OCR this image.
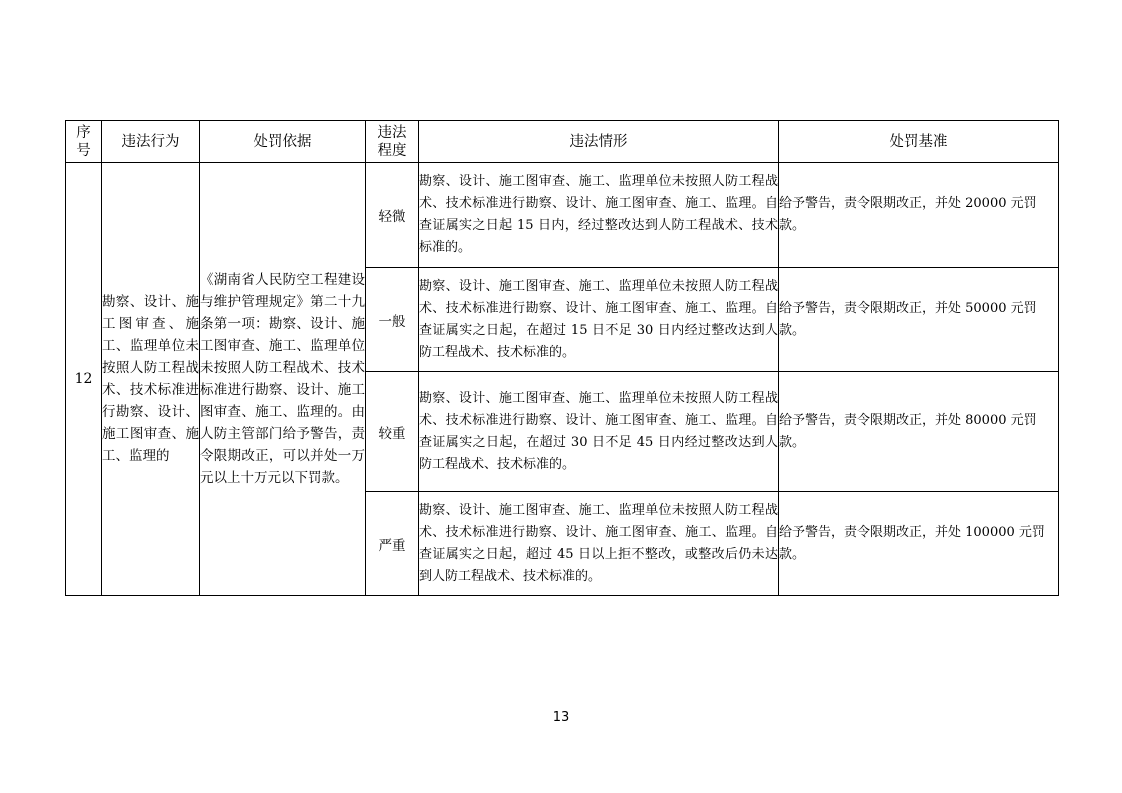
序号	违法行为	处罚依据	违法程度	违法情形	处罚基准
12	勘察、设计、施工图审查、施工、监理单位未按照人防工程战术、技术标准进行勘察、设计、施工图审查、施工、监理的	《湖南省人民防空工程建设与维护管理规定》第二十九条第一项：勘察、设计、施工图审查、施工、监理单位未按照人防工程战术、技术标准进行勘察、设计、施工图审查、施工、监理的。由人防主管部门给予警告，责令限期改正，可以并处一万元以上十万元以下罚款。	轻微	勘察、设计、施工图审查、施工、监理单位未按照人防工程战术、技术标准进行勘察、设计、施工图审查、施工、监理。自查证属实之日起 15 日内，经过整改达到人防工程战术、技术标准的。	给予警告，责令限期改正，并处 20000 元罚款。
			一般	勘察、设计、施工图审查、施工、监理单位未按照人防工程战术、技术标准进行勘察、设计、施工图审查、施工、监理。自查证属实之日起，在超过 15 日不足 30 日内经过整改达到人防工程战术、技术标准的。	给予警告，责令限期改正，并处 50000 元罚款。
			较重	勘察、设计、施工图审查、施工、监理单位未按照人防工程战术、技术标准进行勘察、设计、施工图审查、施工、监理。自查证属实之日起，在超过 30 日不足 45 日内经过整改达到人防工程战术、技术标准的。	给予警告，责令限期改正，并处 80000 元罚款。
			严重	勘察、设计、施工图审查、施工、监理单位未按照人防工程战术、技术标准进行勘察、设计、施工图审查、施工、监理。自查证属实之日起，超过 45 日以上拒不整改，或整改后仍未达到人防工程战术、技术标准的。	给予警告，责令限期改正，并处 100000 元罚款。
13
